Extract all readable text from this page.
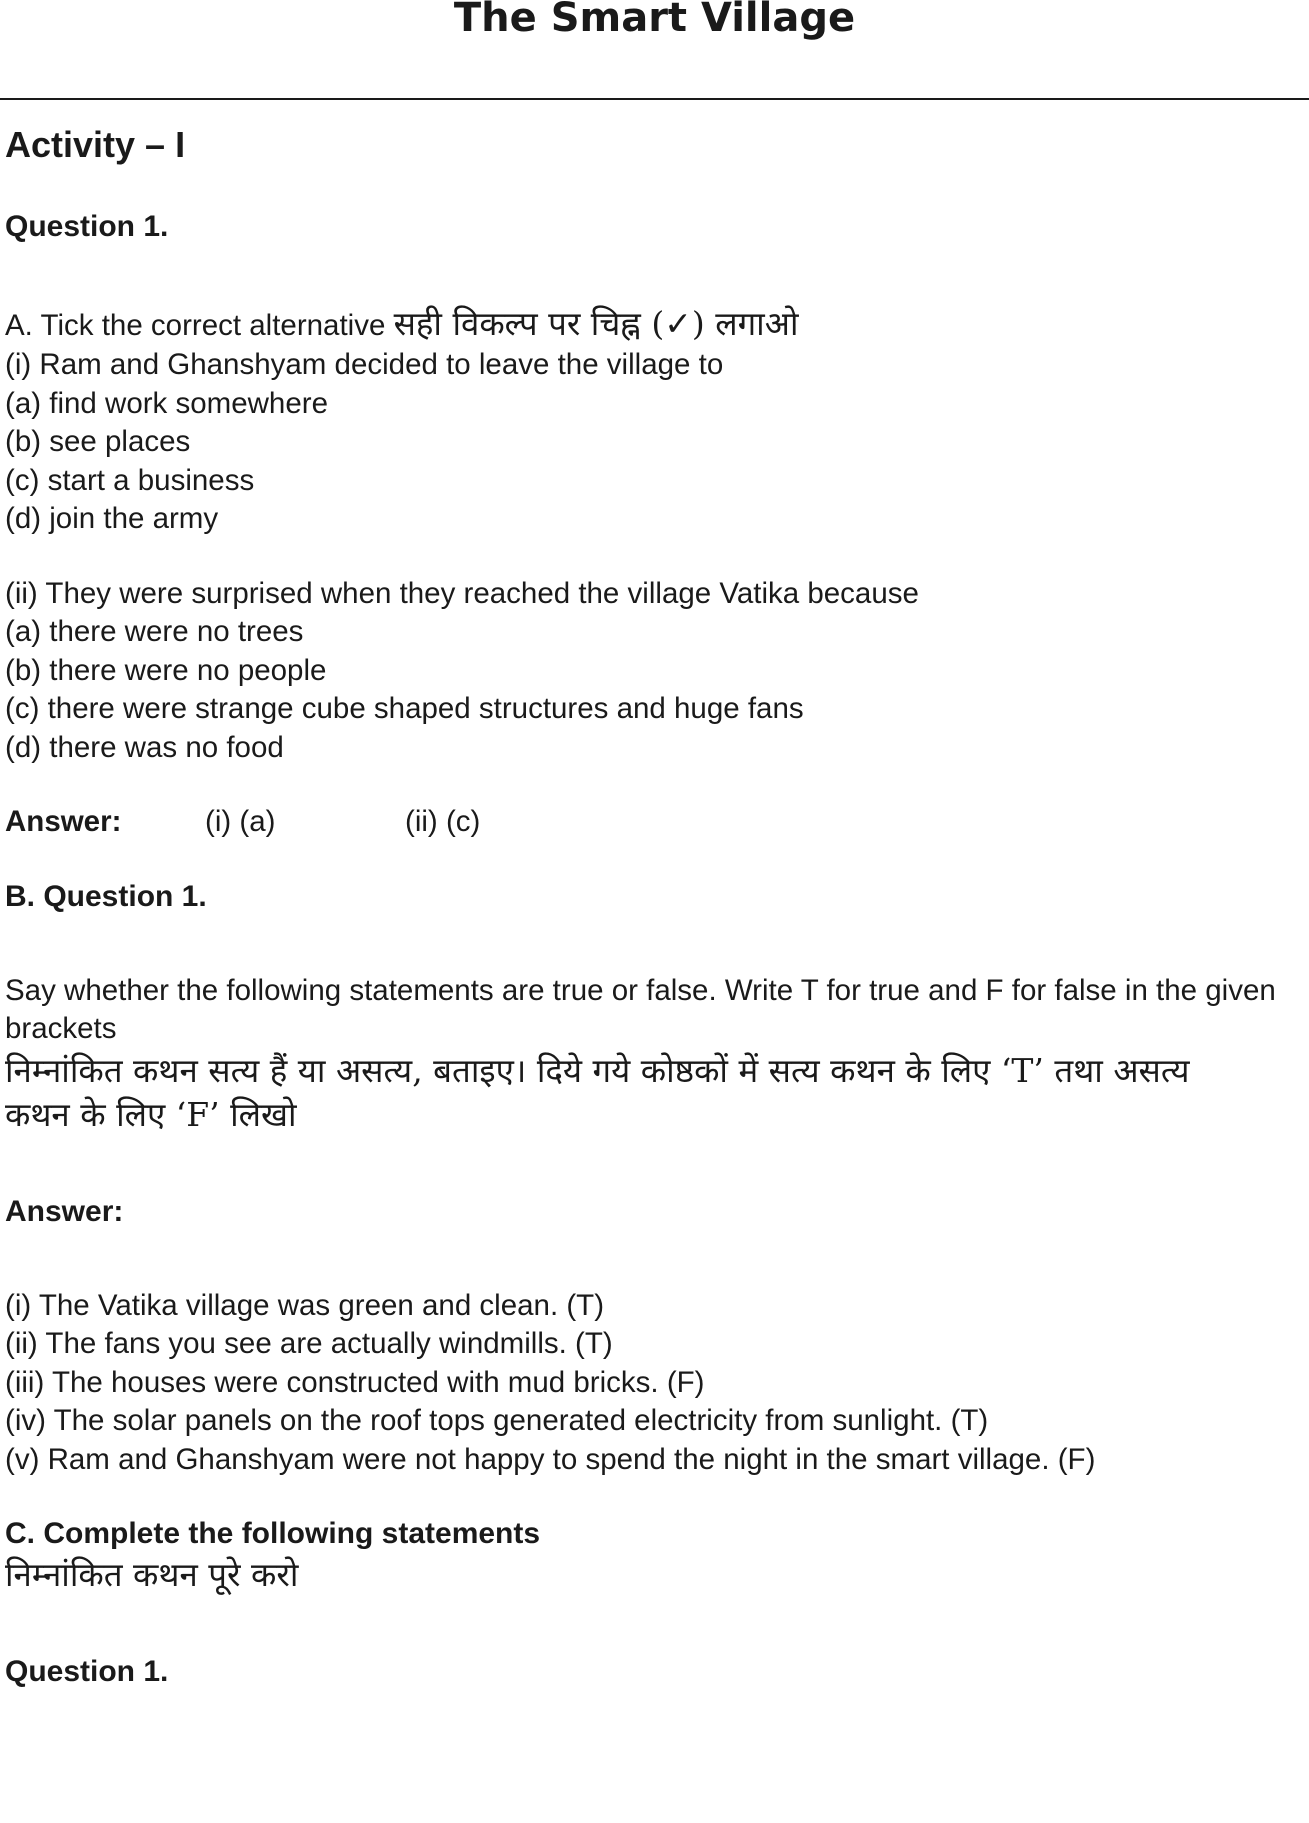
The Smart Village

Activity – I

Question 1.

A. Tick the correct alternative सही विकल्प पर चिह्न (✓) लगाओ
(i) Ram and Ghanshyam decided to leave the village to
(a) find work somewhere
(b) see places
(c) start a business
(d) join the army
(ii) They were surprised when they reached the village Vatika because
(a) there were no trees
(b) there were no people
(c) there were strange cube shaped structures and huge fans
(d) there was no food
Answer:	(i) (a)	(ii) (c)

B. Question 1.

Say whether the following statements are true or false. Write T for true and F for false in the given brackets

निम्नांकित कथन सत्य हैं या असत्य, बताइए। दिये गये कोष्ठकों में सत्य कथन के लिए ‘T’ तथा असत्य कथन के लिए ‘F’ लिखो

Answer:

(i) The Vatika village was green and clean. (T)
(ii) The fans you see are actually windmills. (T)
(iii) The houses were constructed with mud bricks. (F)
(iv) The solar panels on the roof tops generated electricity from sunlight. (T)
(v) Ram and Ghanshyam were not happy to spend the night in the smart village. (F)

C. Complete the following statements

निम्नांकित कथन पूरे करो

Question 1.
